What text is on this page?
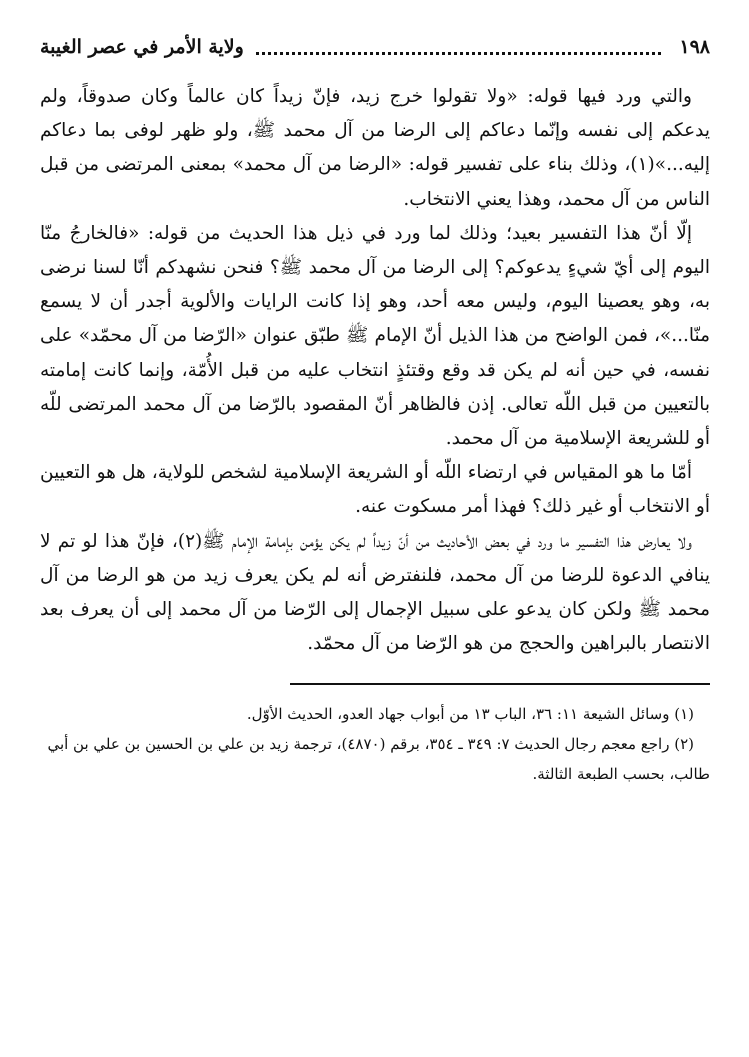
١٩٨
ولاية الأمر في عصر الغيبة

والتي ورد فيها قوله: «ولا تقولوا خرج زيد، فإنّ زيداً كان عالماً وكان صدوقاً، ولم يدعكم إلى نفسه وإنّما دعاكم إلى الرضا من آل محمد ﷺ، ولو ظهر لوفى بما دعاكم إليه...»(١)، وذلك بناء على تفسير قوله: «الرضا من آل محمد» بمعنى المرتضى من قبل الناس من آل محمد، وهذا يعني الانتخاب.

إلّا أنّ هذا التفسير بعيد؛ وذلك لما ورد في ذيل هذا الحديث من قوله: «فالخارجُ منّا اليوم إلى أيّ شيءٍ يدعوكم؟ إلى الرضا من آل محمد ﷺ؟ فنحن نشهدكم أنّا لسنا نرضى به، وهو يعصينا اليوم، وليس معه أحد، وهو إذا كانت الرايات والألوية أجدر أن لا يسمع منّا...»، فمن الواضح من هذا الذيل أنّ الإمام ﷺ طبّق عنوان «الرّضا من آل محمّد» على نفسه، في حين أنه لم يكن قد وقع وقتئذٍ انتخاب عليه من قبل الأُمّة، وإنما كانت إمامته بالتعيين من قبل اللّه تعالى. إذن فالظاهر أنّ المقصود بالرّضا من آل محمد المرتضى للّه أو للشريعة الإسلامية من آل محمد.

أمّا ما هو المقياس في ارتضاء اللّه أو الشريعة الإسلامية لشخص للولاية، هل هو التعيين أو الانتخاب أو غير ذلك؟ فهذا أمر مسكوت عنه.

ولا يعارض هذا التفسير ما ورد في بعض الأحاديث من أنّ زيداً لم يكن يؤمن بإمامة الإمام ﷺ(٢)، فإنّ هذا لو تم لا ينافي الدعوة للرضا من آل محمد، فلنفترض أنه لم يكن يعرف زيد من هو الرضا من آل محمد ﷺ ولكن كان يدعو على سبيل الإجمال إلى الرّضا من آل محمد إلى أن يعرف بعد الانتصار بالبراهين والحجج من هو الرّضا من آل محمّد.

(١) وسائل الشيعة ١١: ٣٦، الباب ١٣ من أبواب جهاد العدو، الحديث الأوّل.

(٢) راجع معجم رجال الحديث ٧: ٣٤٩ ـ ٣٥٤، برقم (٤٨٧٠)، ترجمة زيد بن علي بن الحسين بن علي بن أبي طالب، بحسب الطبعة الثالثة.
